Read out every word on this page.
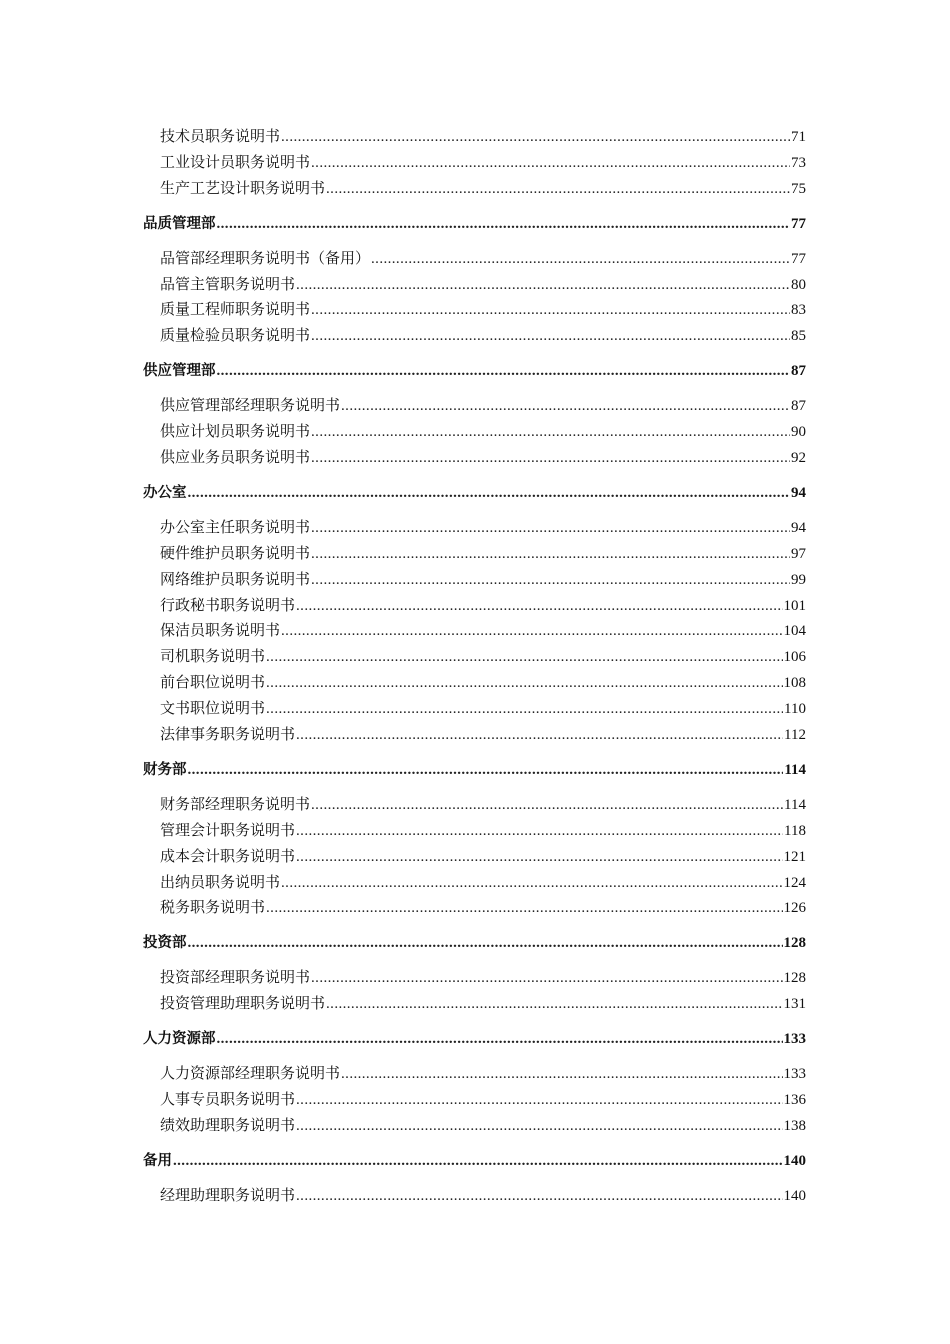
技术员职务说明书 .....	71
工业设计员职务说明书 .....	73
生产工艺设计职务说明书 .....	75
品质管理部 .....	77
品管部经理职务说明书（备用） .....	77
品管主管职务说明书 .....	80
质量工程师职务说明书 .....	83
质量检验员职务说明书 .....	85
供应管理部 .....	87
供应管理部经理职务说明书 .....	87
供应计划员职务说明书 .....	90
供应业务员职务说明书 .....	92
办公室 .....	94
办公室主任职务说明书 .....	94
硬件维护员职务说明书 .....	97
网络维护员职务说明书 .....	99
行政秘书职务说明书 .....	101
保洁员职务说明书 .....	104
司机职务说明书 .....	106
前台职位说明书 .....	108
文书职位说明书 .....	110
法律事务职务说明书 .....	112
财务部 .....	114
财务部经理职务说明书 .....	114
管理会计职务说明书 .....	118
成本会计职务说明书 .....	121
出纳员职务说明书 .....	124
税务职务说明书 .....	126
投资部 .....	128
投资部经理职务说明书 .....	128
投资管理助理职务说明书 .....	131
人力资源部 .....	133
人力资源部经理职务说明书 .....	133
人事专员职务说明书 .....	136
绩效助理职务说明书 .....	138
备用 .....	140
经理助理职务说明书 .....	140
